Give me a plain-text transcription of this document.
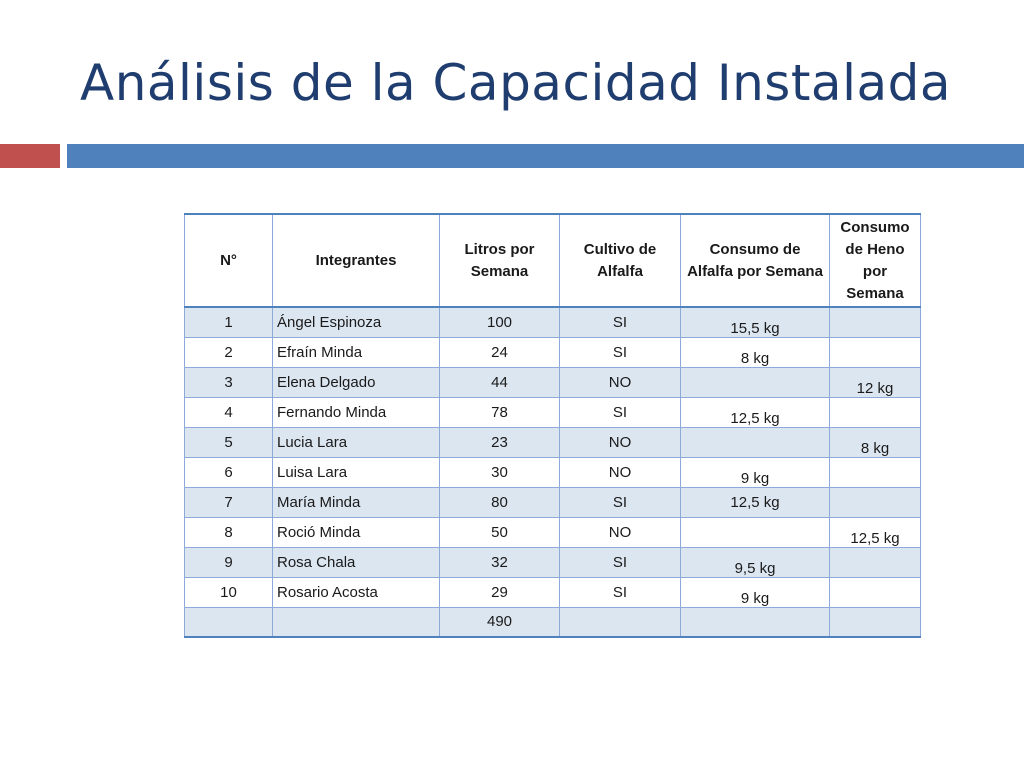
Análisis de la Capacidad Instalada
N°	Integrantes	Litros por Semana	Cultivo de Alfalfa	Consumo de Alfalfa por Semana	Consumo de Heno por Semana
1	Ángel Espinoza	100	SI	15,5 kg	
2	Efraín Minda	24	SI	8 kg	
3	Elena Delgado	44	NO		12 kg
4	Fernando Minda	78	SI	12,5 kg	
5	Lucia Lara	23	NO		8 kg
6	Luisa Lara	30	NO	9 kg	
7	María Minda	80	SI	12,5 kg	
8	Roció Minda	50	NO		12,5 kg
9	Rosa Chala	32	SI	9,5 kg	
10	Rosario Acosta	29	SI	9 kg	
		490			
